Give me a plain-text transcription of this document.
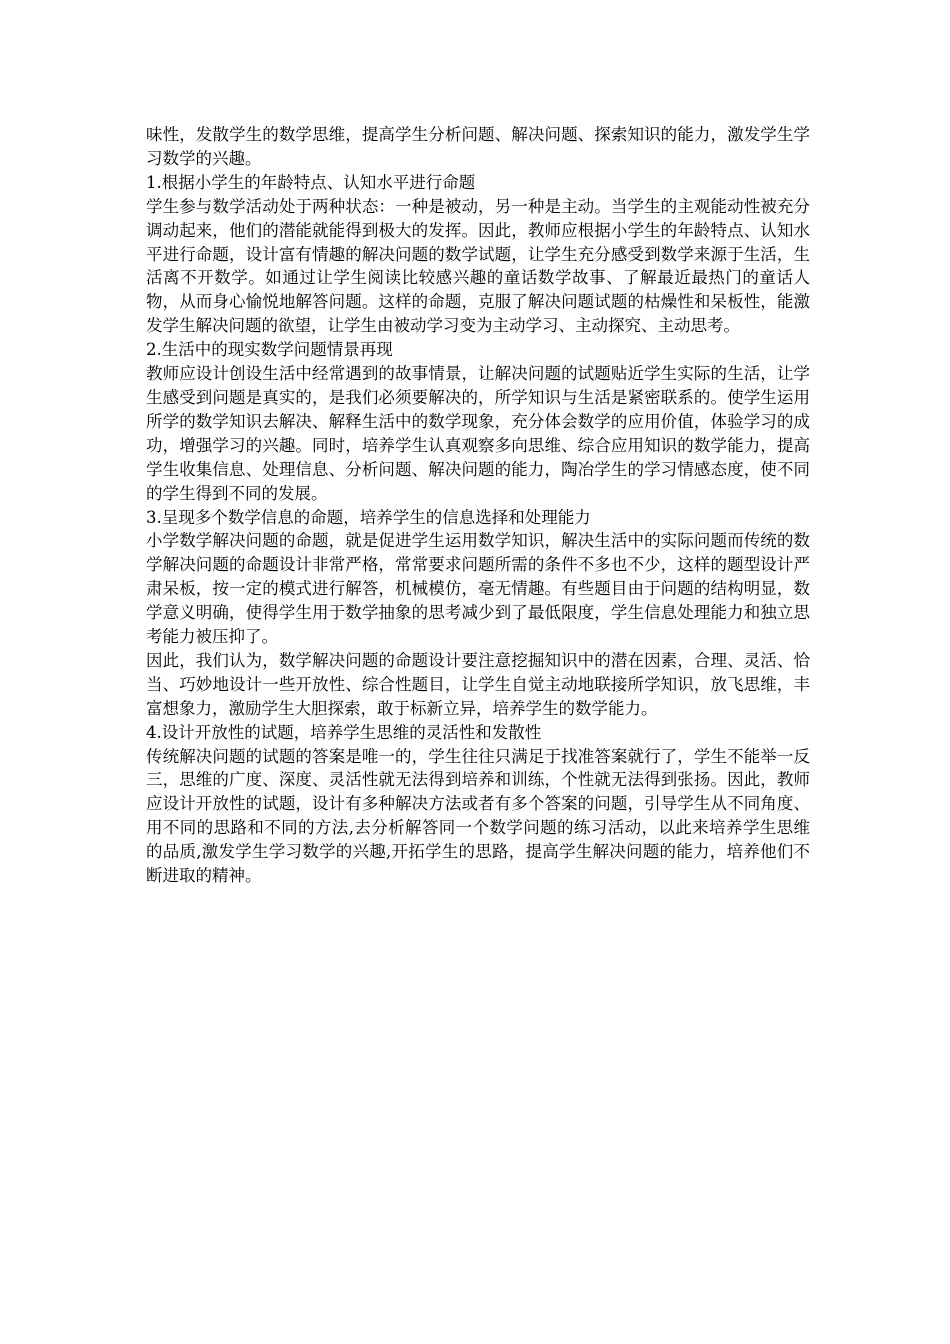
味性，发散学生的数学思维，提高学生分析问题、解决问题、探索知识的能力，激发学生学习数学的兴趣。

1.根据小学生的年龄特点、认知水平进行命题

学生参与数学活动处于两种状态：一种是被动，另一种是主动。当学生的主观能动性被充分调动起来，他们的潜能就能得到极大的发挥。因此，教师应根据小学生的年龄特点、认知水平进行命题，设计富有情趣的解决问题的数学试题，让学生充分感受到数学来源于生活，生活离不开数学。如通过让学生阅读比较感兴趣的童话数学故事、了解最近最热门的童话人物，从而身心愉悦地解答问题。这样的命题，克服了解决问题试题的枯燥性和呆板性，能激发学生解决问题的欲望，让学生由被动学习变为主动学习、主动探究、主动思考。

2.生活中的现实数学问题情景再现

教师应设计创设生活中经常遇到的故事情景，让解决问题的试题贴近学生实际的生活，让学生感受到问题是真实的，是我们必须要解决的，所学知识与生活是紧密联系的。使学生运用所学的数学知识去解决、解释生活中的数学现象，充分体会数学的应用价值，体验学习的成功，增强学习的兴趣。同时，培养学生认真观察多向思维、综合应用知识的数学能力，提高学生收集信息、处理信息、分析问题、解决问题的能力，陶冶学生的学习情感态度，使不同的学生得到不同的发展。

3.呈现多个数学信息的命题，培养学生的信息选择和处理能力

小学数学解决问题的命题，就是促进学生运用数学知识，解决生活中的实际问题而传统的数学解决问题的命题设计非常严格，常常要求问题所需的条件不多也不少，这样的题型设计严肃呆板，按一定的模式进行解答，机械模仿，毫无情趣。有些题目由于问题的结构明显，数学意义明确，使得学生用于数学抽象的思考减少到了最低限度，学生信息处理能力和独立思考能力被压抑了。

因此，我们认为，数学解决问题的命题设计要注意挖掘知识中的潜在因素，合理、灵活、恰当、巧妙地设计一些开放性、综合性题目，让学生自觉主动地联接所学知识，放飞思维，丰富想象力，激励学生大胆探索，敢于标新立异，培养学生的数学能力。

4.设计开放性的试题，培养学生思维的灵活性和发散性

传统解决问题的试题的答案是唯一的，学生往往只满足于找准答案就行了，学生不能举一反三，思维的广度、深度、灵活性就无法得到培养和训练，个性就无法得到张扬。因此，教师应设计开放性的试题，设计有多种解决方法或者有多个答案的问题，引导学生从不同角度、用不同的思路和不同的方法,去分析解答同一个数学问题的练习活动，以此来培养学生思维的品质,激发学生学习数学的兴趣,开拓学生的思路，提高学生解决问题的能力，培养他们不断进取的精神。
